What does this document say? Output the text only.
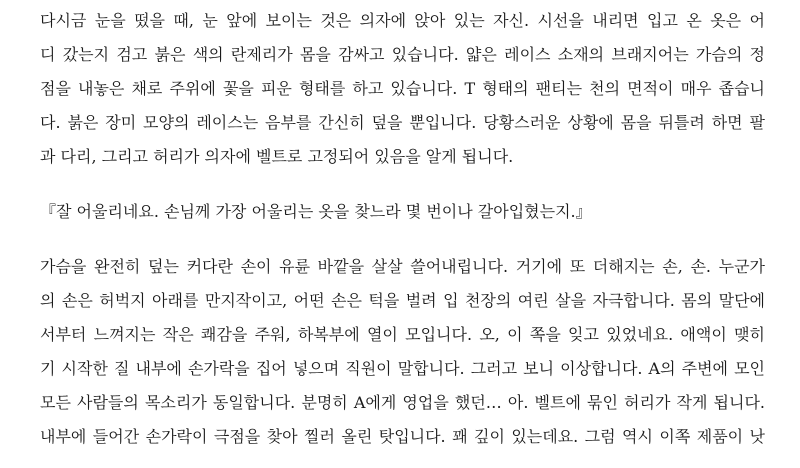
다시금 눈을 떴을 때, 눈 앞에 보이는 것은 의자에 앉아 있는 자신. 시선을 내리면 입고 온 옷은 어
디 갔는지 검고 붉은 색의 란제리가 몸을 감싸고 있습니다. 얇은 레이스 소재의 브래지어는 가슴의 정
점을 내놓은 채로 주위에 꽃을 피운 형태를 하고 있습니다. T 형태의 팬티는 천의 면적이 매우 좁습니
다. 붉은 장미 모양의 레이스는 음부를 간신히 덮을 뿐입니다. 당황스러운 상황에 몸을 뒤틀려 하면 팔
과 다리, 그리고 허리가 의자에 벨트로 고정되어 있음을 알게 됩니다.
『잘 어울리네요. 손님께 가장 어울리는 옷을 찾느라 몇 번이나 갈아입혔는지.』
가슴을 완전히 덮는 커다란 손이 유륜 바깥을 살살 쓸어내립니다. 거기에 또 더해지는 손, 손. 누군가
의 손은 허벅지 아래를 만지작이고, 어떤 손은 턱을 벌려 입 천장의 여린 살을 자극합니다. 몸의 말단에
서부터 느껴지는 작은 쾌감을 주워, 하복부에 열이 모입니다. 오, 이 쪽을 잊고 있었네요. 애액이 맺히
기 시작한 질 내부에 손가락을 집어 넣으며 직원이 말합니다. 그러고 보니 이상합니다. A의 주변에 모인
모든 사람들의 목소리가 동일합니다. 분명히 A에게 영업을 했던… 아. 벨트에 묶인 허리가 작게 됩니다.
내부에 들어간 손가락이 극점을 찾아 찔러 올린 탓입니다. 꽤 깊이 있는데요. 그럼 역시 이쪽 제품이 낫
